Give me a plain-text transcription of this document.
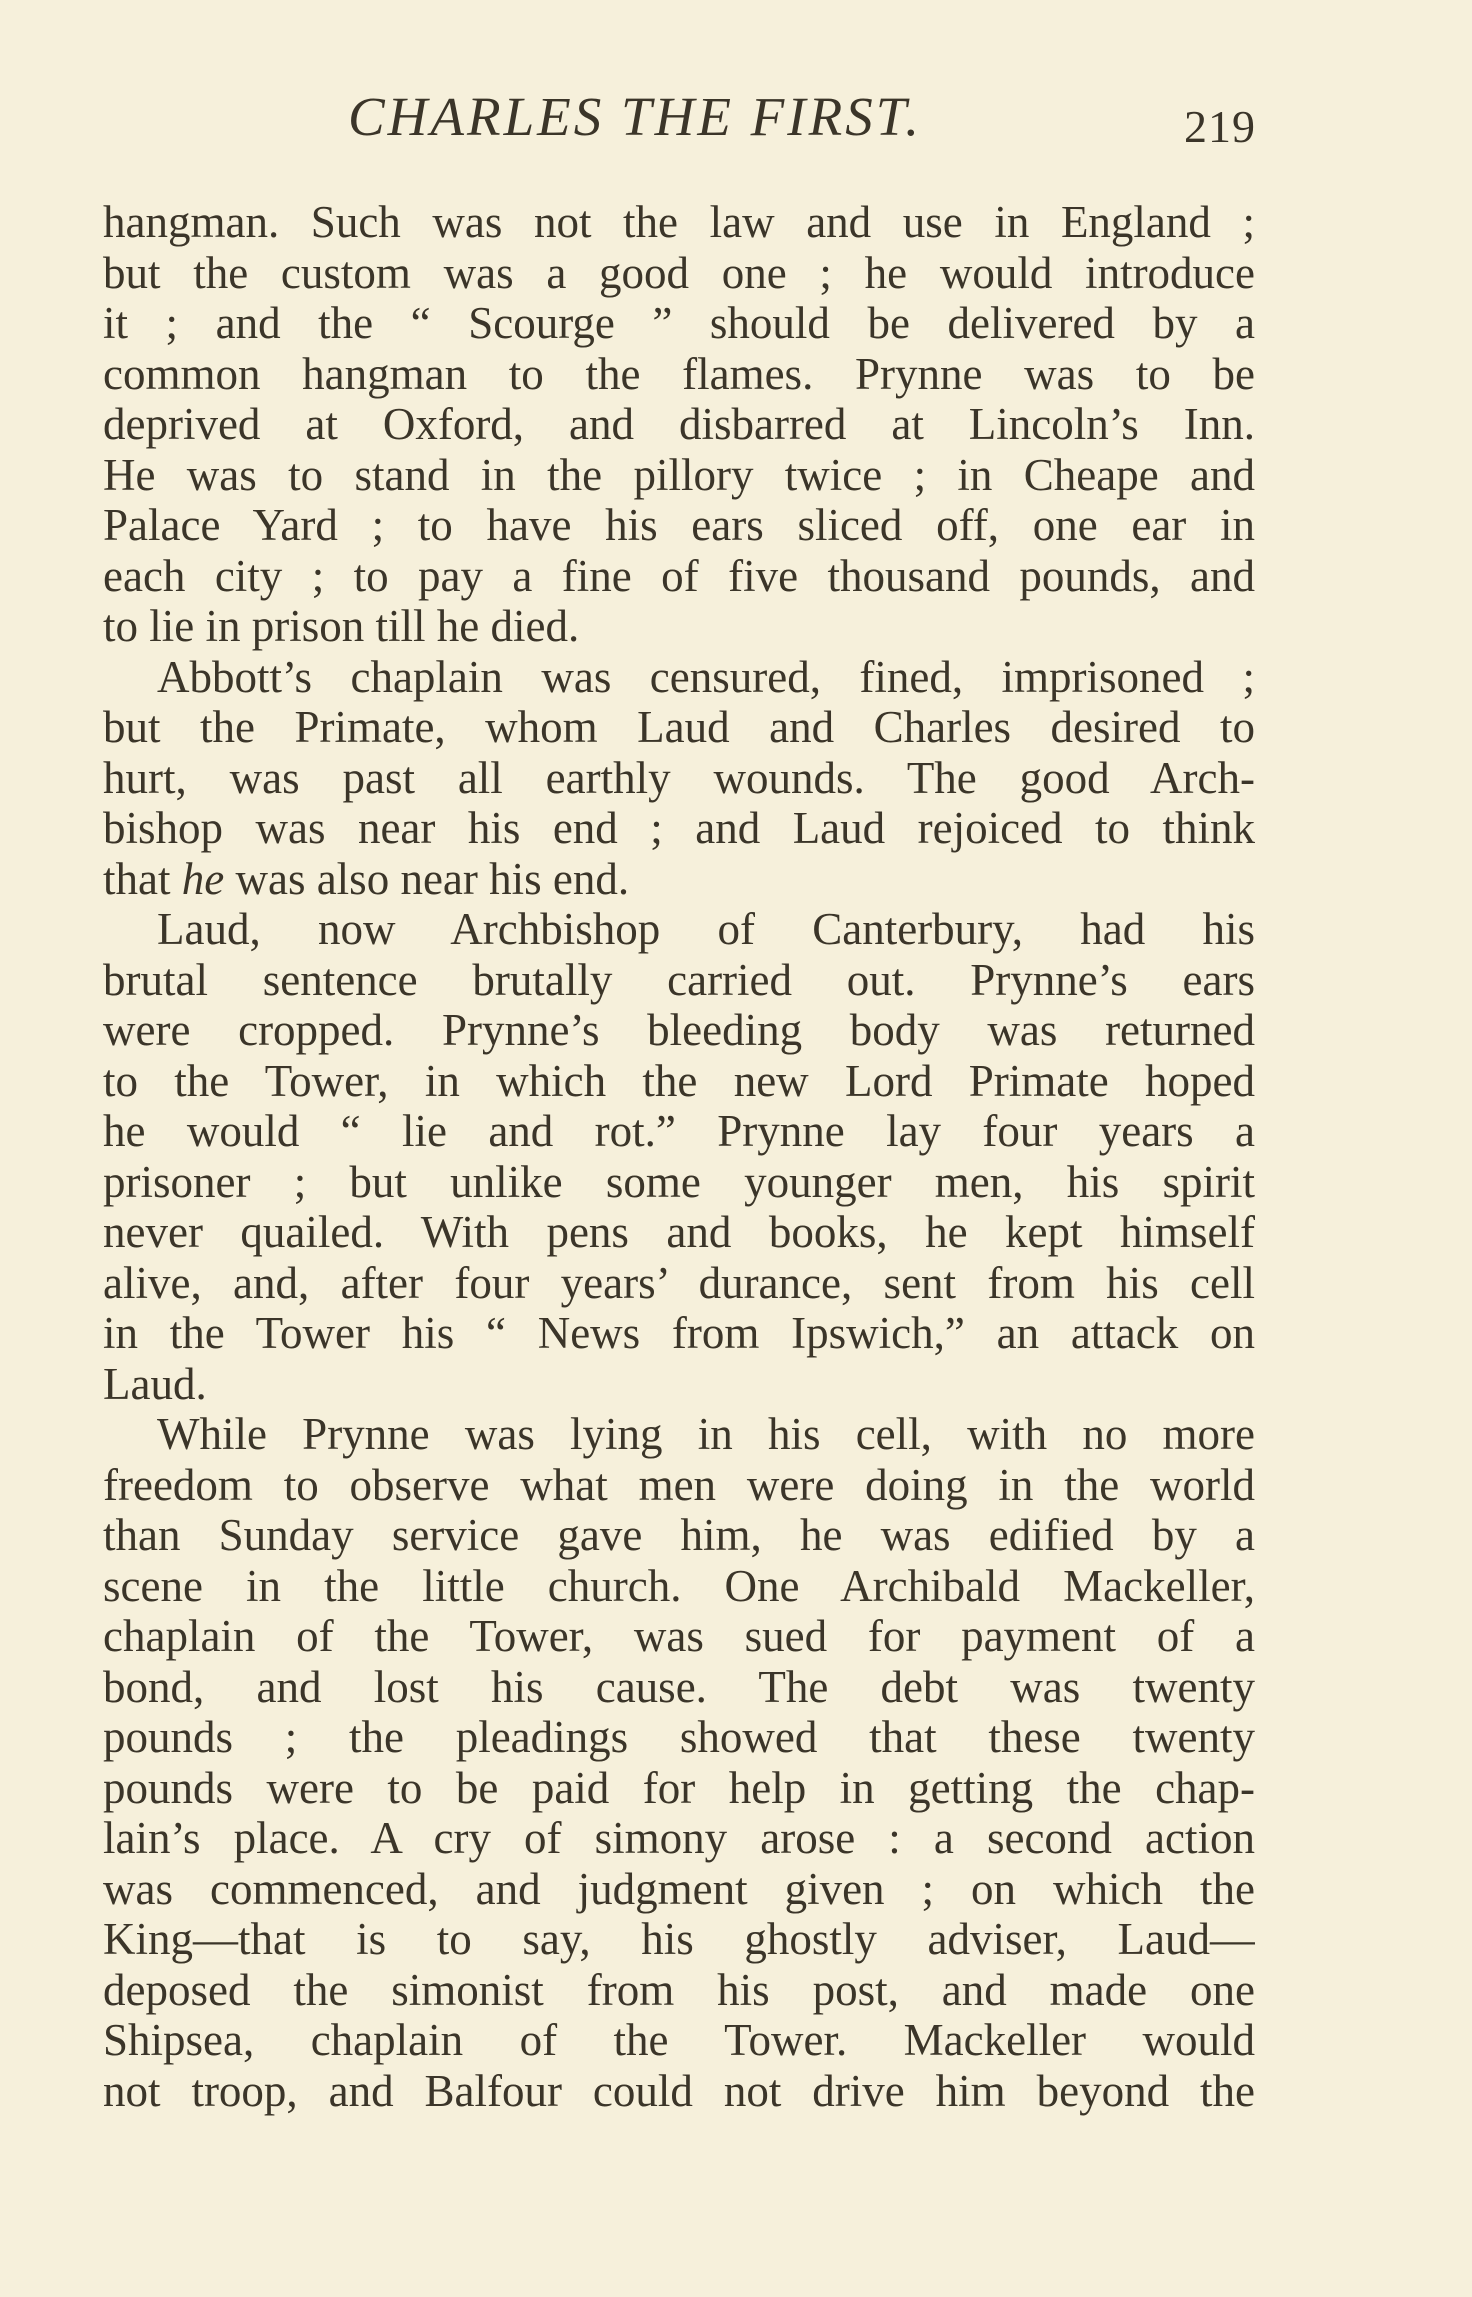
CHARLES THE FIRST.	219
hangman. Such was not the law and use in England ;
but the custom was a good one ; he would introduce
it ; and the “ Scourge ” should be delivered by a
common hangman to the flames. Prynne was to be
deprived at Oxford, and disbarred at Lincoln’s Inn.
He was to stand in the pillory twice ; in Cheape and
Palace Yard ; to have his ears sliced off, one ear in
each city ; to pay a fine of five thousand pounds, and
to lie in prison till he died.
Abbott’s chaplain was censured, fined, imprisoned ;
but the Primate, whom Laud and Charles desired to
hurt, was past all earthly wounds. The good Arch-
bishop was near his end ; and Laud rejoiced to think
that he was also near his end.
Laud, now Archbishop of Canterbury, had his
brutal sentence brutally carried out. Prynne’s ears
were cropped. Prynne’s bleeding body was returned
to the Tower, in which the new Lord Primate hoped
he would “ lie and rot.” Prynne lay four years a
prisoner ; but unlike some younger men, his spirit
never quailed. With pens and books, he kept himself
alive, and, after four years’ durance, sent from his cell
in the Tower his “ News from Ipswich,” an attack on
Laud.
While Prynne was lying in his cell, with no more
freedom to observe what men were doing in the world
than Sunday service gave him, he was edified by a
scene in the little church. One Archibald Mackeller,
chaplain of the Tower, was sued for payment of a
bond, and lost his cause. The debt was twenty
pounds ; the pleadings showed that these twenty
pounds were to be paid for help in getting the chap-
lain’s place. A cry of simony arose : a second action
was commenced, and judgment given ; on which the
King—that is to say, his ghostly adviser, Laud—
deposed the simonist from his post, and made one
Shipsea, chaplain of the Tower. Mackeller would
not troop, and Balfour could not drive him beyond the
